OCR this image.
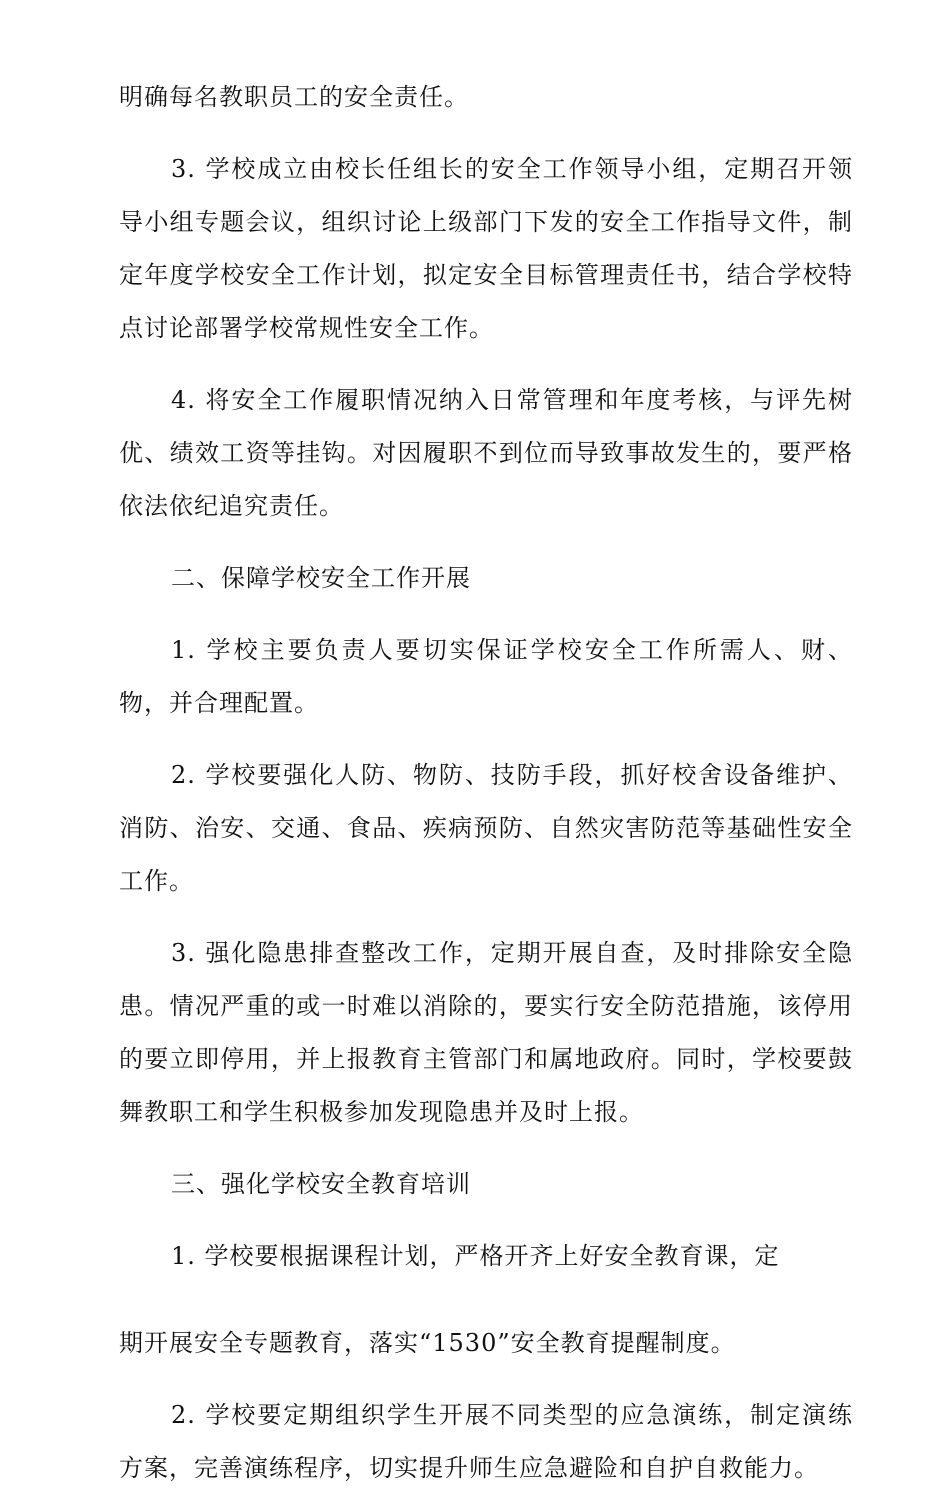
明确每名教职员工的安全责任。

3. 学校成立由校长任组长的安全工作领导小组，定期召开领导小组专题会议，组织讨论上级部门下发的安全工作指导文件，制定年度学校安全工作计划，拟定安全目标管理责任书，结合学校特点讨论部署学校常规性安全工作。

4. 将安全工作履职情况纳入日常管理和年度考核，与评先树优、绩效工资等挂钩。对因履职不到位而导致事故发生的，要严格依法依纪追究责任。

二、保障学校安全工作开展

1. 学校主要负责人要切实保证学校安全工作所需人、财、物，并合理配置。

2. 学校要强化人防、物防、技防手段，抓好校舍设备维护、消防、治安、交通、食品、疾病预防、自然灾害防范等基础性安全工作。

3. 强化隐患排查整改工作，定期开展自查，及时排除安全隐患。情况严重的或一时难以消除的，要实行安全防范措施，该停用的要立即停用，并上报教育主管部门和属地政府。同时，学校要鼓舞教职工和学生积极参加发现隐患并及时上报。

三、强化学校安全教育培训

1. 学校要根据课程计划，严格开齐上好安全教育课，定

期开展安全专题教育，落实“1530”安全教育提醒制度。

2. 学校要定期组织学生开展不同类型的应急演练，制定演练方案，完善演练程序，切实提升师生应急避险和自护自救能力。
